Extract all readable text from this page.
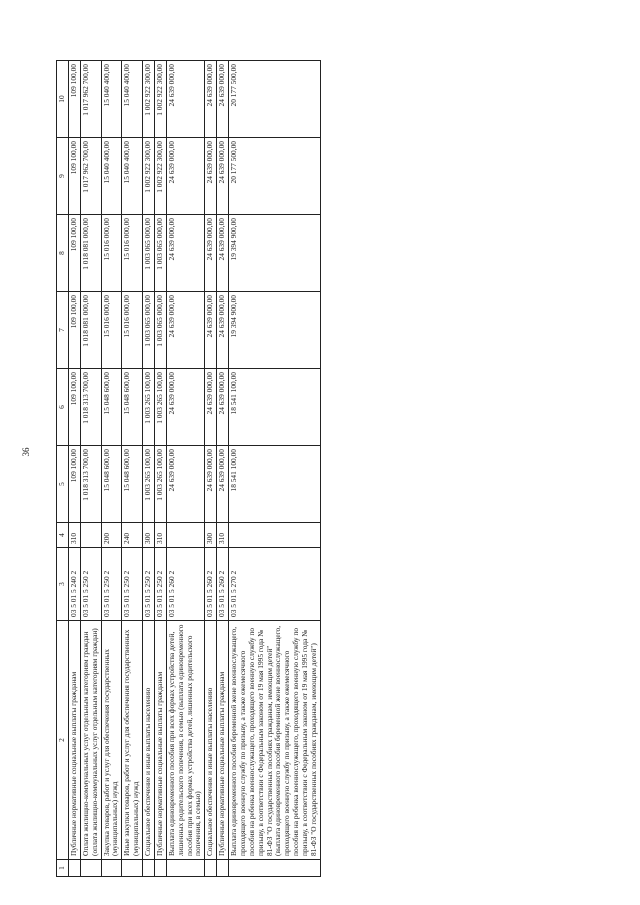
36
1	2	3	4	5	6	7	8	9	10
	Публичные нормативные социальные выплаты гражданам	03 5 01 5 240 2	310	109 100,00	109 100,00	109 100,00	109 100,00	109 100,00	109 100,00
	Оплата жилищно-коммунальных услуг отдельным категориям граждан (оплата жилищно-коммунальных услуг отдельным категориям граждан)	03 5 01 5 250 2		1 018 313 700,00	1 018 313 700,00	1 018 081 000,00	1 018 081 000,00	1 017 962 700,00	1 017 962 700,00
	Закупка товаров, работ и услуг для обеспечения государственных (муниципальных) нужд	03 5 01 5 250 2	200	15 048 600,00	15 048 600,00	15 016 000,00	15 016 000,00	15 040 400,00	15 040 400,00
	Иные закупки товаров, работ и услуг для обеспечения государственных (муниципальных) нужд	03 5 01 5 250 2	240	15 048 600,00	15 048 600,00	15 016 000,00	15 016 000,00	15 040 400,00	15 040 400,00
	Социальное обеспечение и иные выплаты населению	03 5 01 5 250 2	300	1 003 265 100,00	1 003 265 100,00	1 003 065 000,00	1 003 065 000,00	1 002 922 300,00	1 002 922 300,00
	Публичные нормативные социальные выплаты гражданам	03 5 01 5 250 2	310	1 003 265 100,00	1 003 265 100,00	1 003 065 000,00	1 003 065 000,00	1 002 922 300,00	1 002 922 300,00
	Выплата единовременного пособия при всех формах устройства детей, лишенных родительского попечения, в семью (выплата единовременного пособия при всех формах устройства детей, лишенных родительского попечения, в семью)	03 5 01 5 260 2		24 639 000,00	24 639 000,00	24 639 000,00	24 639 000,00	24 639 000,00	24 639 000,00
	Социальное обеспечение и иные выплаты населению	03 5 01 5 260 2	300	24 639 000,00	24 639 000,00	24 639 000,00	24 639 000,00	24 639 000,00	24 639 000,00
	Публичные нормативные социальные выплаты гражданам	03 5 01 5 260 2	310	24 639 000,00	24 639 000,00	24 639 000,00	24 639 000,00	24 639 000,00	24 639 000,00
	Выплата единовременного пособия беременной жене военнослужащего, проходящего военную службу по призыву, а также ежемесячного пособия на ребенка военнослужащего, проходящего военную службу по призыву, в соответствии с Федеральным законом от 19 мая 1995 года № 81-ФЗ "О государственных пособиях гражданам, имеющим детей" (выплата единовременного пособия беременной жене военнослужащего, проходящего военную службу по призыву, а также ежемесячного пособия на ребенка военнослужащего, проходящего военную службу по призыву, в соответствии с Федеральным законом от 19 мая 1995 года № 81-ФЗ "О государственных пособиях гражданам, имеющим детей")	03 5 01 5 270 2		18 541 100,00	18 541 100,00	19 394 900,00	19 394 900,00	20 177 500,00	20 177 500,00
